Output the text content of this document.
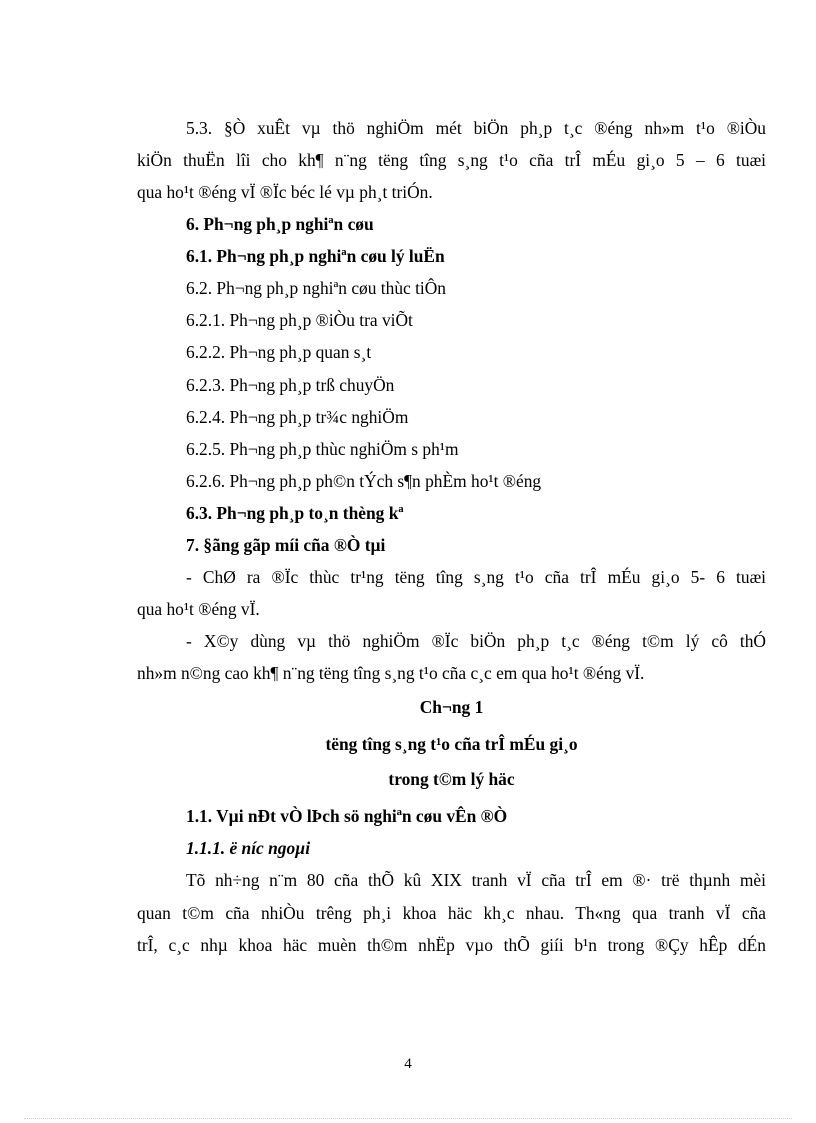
5.3. §Ò xuÊt vµ thö nghiÖm mét biÖn ph¸p t¸c ®éng nh»m t¹o ®iÒu
kiÖn thuËn lîi cho kh¶ n¨ng tëng tîng s¸ng t¹o cña trÎ mÉu gi¸o 5 – 6 tuæi
qua ho¹t ®éng vÏ ®Ïc béc lé vµ ph¸t triÓn.
6. Ph¬ng ph¸p nghiªn cøu
6.1. Ph¬ng ph¸p nghiªn cøu lý luËn
6.2. Ph¬ng ph¸p nghiªn cøu thùc tiÔn
6.2.1. Ph¬ng ph¸p ®iÒu tra viÕt
6.2.2. Ph¬ng ph¸p quan s¸t
6.2.3. Ph¬ng ph¸p trß chuyÖn
6.2.4. Ph¬ng ph¸p tr¾c nghiÖm
6.2.5. Ph¬ng ph¸p thùc nghiÖm s ph¹m
6.2.6. Ph¬ng ph¸p ph©n tÝch s¶n phÈm ho¹t ®éng
6.3. Ph¬ng ph¸p to¸n thèng kª
7. §ãng gãp míi cña ®Ò tµi
- ChØ ra ®Ïc thùc tr¹ng tëng tîng s¸ng t¹o cña trÎ mÉu gi¸o 5- 6 tuæi
qua ho¹t ®éng vÏ.
- X©y dùng vµ thö nghiÖm ®Ïc biÖn ph¸p t¸c ®éng t©m lý cô thÓ
nh»m n©ng cao kh¶ n¨ng tëng tîng s¸ng t¹o cña c¸c em qua ho¹t ®éng vÏ.
Ch¬ng 1
tëng tîng s¸ng t¹o cña trÎ mÉu gi¸o
trong t©m lý häc
1.1. Vµi nÐt vÒ lÞch sö nghiªn cøu vÊn ®Ò
1.1.1. ë níc ngoµi
Tõ nh÷ng n¨m 80 cña thÕ kû XIX tranh vÏ cña trÎ em ®· trë thµnh mèi
quan t©m cña nhiÒu trêng ph¸i khoa häc kh¸c nhau. Th«ng qua tranh vÏ cña
trÎ, c¸c nhµ khoa häc muèn th©m nhËp vµo thÕ giíi b¹n trong ®Çy hÊp dÉn
4
